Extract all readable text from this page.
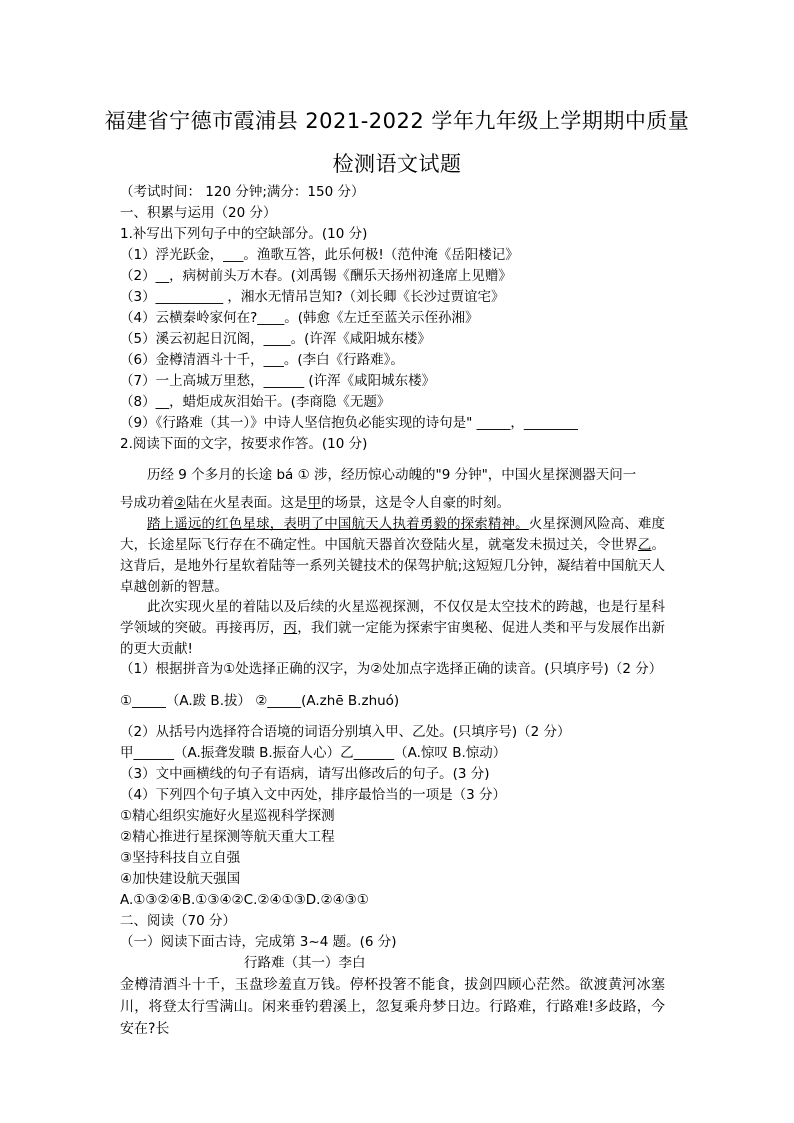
福建省宁德市霞浦县 2021-2022 学年九年级上学期期中质量
检测语文试题
（考试时间： 120 分钟;满分：150 分）
一、积累与运用（20 分）
1.补写出下列句子中的空缺部分。(10 分)
（1）浮光跃金，___。渔歌互答，此乐何极!（范仲淹《岳阳楼记》
（2）__，病树前头万木春。(刘禹锡《酬乐天扬州初逢席上见赠》
（3）__________ ，湘水无情吊岂知?（刘长卿《长沙过贾谊宅》
（4）云横秦岭家何在?____。(韩愈《左迁至蓝关示侄孙湘》
（5）溪云初起日沉阁，____。(许浑《咸阳城东楼》
（6）金樽清酒斗十千，___。(李白《行路难》。
（7）一上高城万里愁，______ (许浑《咸阳城东楼》
（8）__，蜡炬成灰泪始干。(李商隐《无题》
（9）《行路难（其一）》中诗人坚信抱负必能实现的诗句是" _____，________
2.阅读下面的文字，按要求作答。(10 分)
历经 9 个多月的长途 bá ① 涉，经历惊心动魄的"9 分钟"，中国火星探测器天问一
号成功着②陆在火星表面。这是甲的场景，这是令人自豪的时刻。
踏上遥远的红色星球，表明了中国航天人执着勇毅的探索精神。火星探测风险高、难度大，长途星际飞行存在不确定性。中国航天器首次登陆火星，就毫发未损过关，令世界乙。这背后，是地外行星软着陆等一系列关键技术的保驾护航;这短短几分钟，凝结着中国航天人卓越创新的智慧。
此次实现火星的着陆以及后续的火星巡视探测，不仅仅是太空技术的跨越，也是行星科学领域的突破。再接再厉，丙，我们就一定能为探索宇宙奥秘、促进人类和平与发展作出新的更大贡献!
（1）根据拼音为①处选择正确的汉字，为②处加点字选择正确的读音。(只填序号)（2 分）
①_____（A.跋 B.拔） ②_____(A.zhē B.zhuó)
（2）从括号内选择符合语境的词语分别填入甲、乙处。(只填序号)（2 分）
甲______（A.振聋发聩 B.振奋人心）乙______（A.惊叹 B.惊动）
（3）文中画横线的句子有语病，请写出修改后的句子。(3 分)
（4）下列四个句子填入文中丙处，排序最恰当的一项是（3 分）
①精心组织实施好火星巡视科学探测
②精心推进行星探测等航天重大工程
③坚持科技自立自强
④加快建设航天强国
A.①③②④B.①③④②C.②④①③D.②④③①
二、阅读（70 分）
（一）阅读下面古诗，完成第 3~4 题。(6 分)
行路难（其一）李白
金樽清酒斗十千，玉盘珍羞直万钱。停杯投箸不能食，拔剑四顾心茫然。欲渡黄河冰塞川，将登太行雪满山。闲来垂钓碧溪上，忽复乘舟梦日边。行路难，行路难!多歧路，今安在?长
